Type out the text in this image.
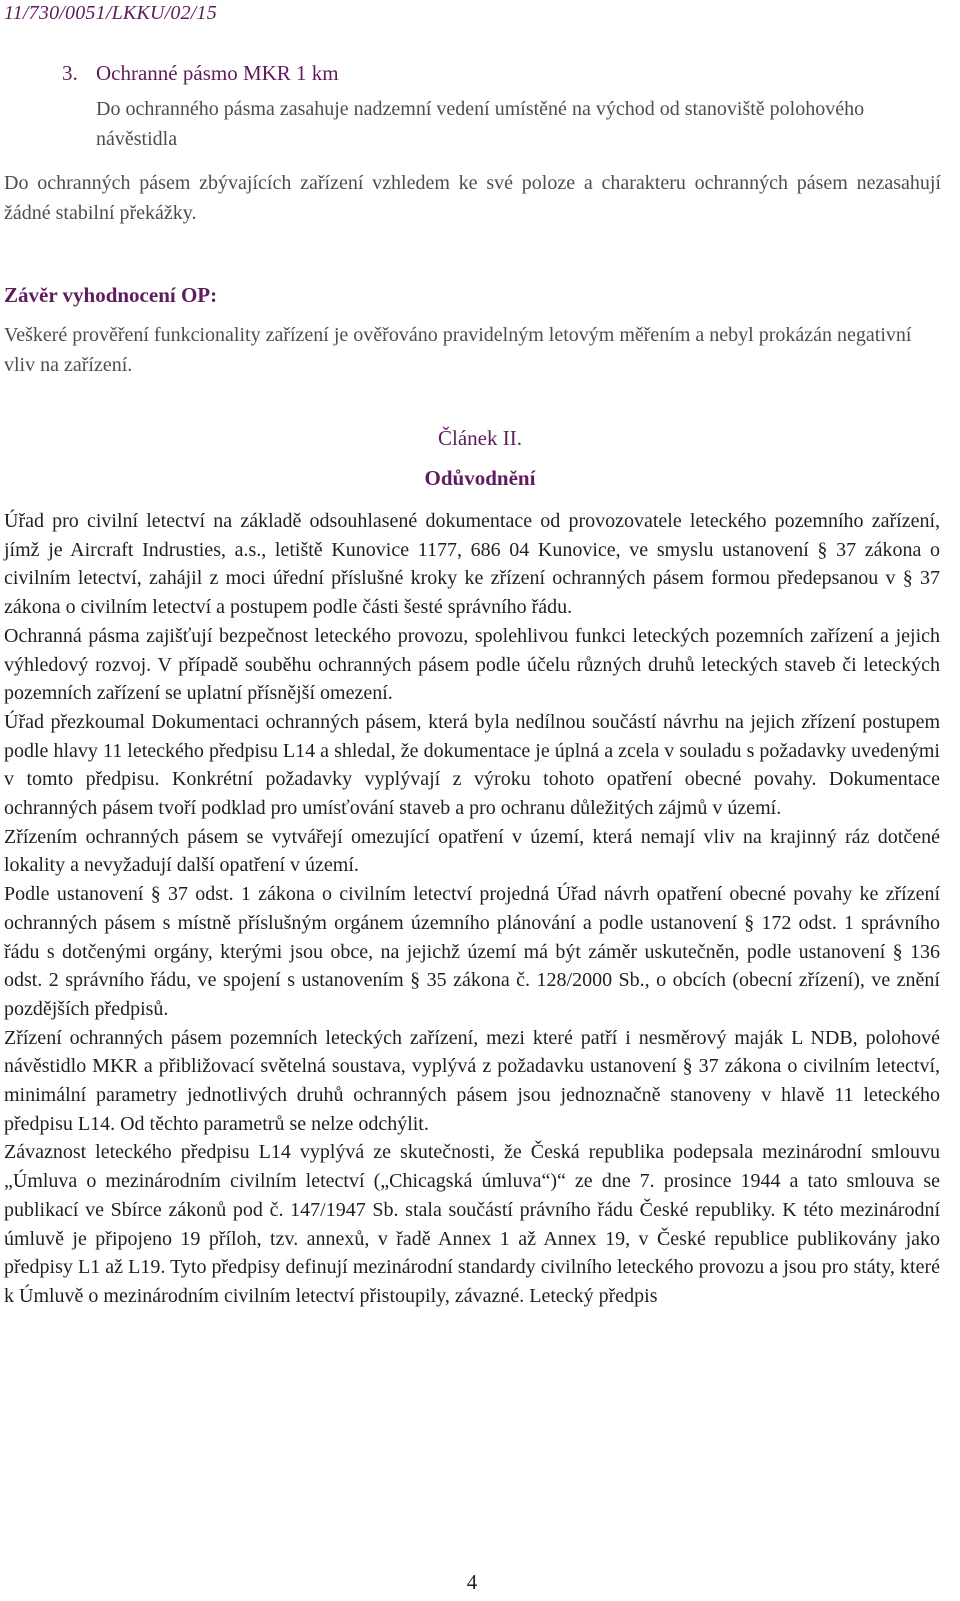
11/730/0051/LKKU/02/15
3. Ochranné pásmo MKR 1 km
Do ochranného pásma zasahuje nadzemní vedení umístěné na východ od stanoviště polohového návěstidla
Do ochranných pásem zbývajících zařízení vzhledem ke své poloze a charakteru ochranných pásem nezasahují žádné stabilní překážky.
Závěr vyhodnocení OP:
Veškeré prověření funkcionality zařízení je ověřováno pravidelným letovým měřením a nebyl prokázán negativní vliv na zařízení.
Článek II.
Odůvodnění

Úřad pro civilní letectví na základě odsouhlasené dokumentace od provozovatele leteckého pozemního zařízení, jímž je Aircraft Indrusties, a.s., letiště Kunovice 1177, 686 04 Kunovice, ve smyslu ustanovení § 37 zákona o civilním letectví, zahájil z moci úřední příslušné kroky ke zřízení ochranných pásem formou předepsanou v § 37 zákona o civilním letectví a postupem podle části šesté správního řádu.

Ochranná pásma zajišťují bezpečnost leteckého provozu, spolehlivou funkci leteckých pozemních zařízení a jejich výhledový rozvoj. V případě souběhu ochranných pásem podle účelu různých druhů leteckých staveb či leteckých pozemních zařízení se uplatní přísnější omezení.

Úřad přezkoumal Dokumentaci ochranných pásem, která byla nedílnou součástí návrhu na jejich zřízení postupem podle hlavy 11 leteckého předpisu L14 a shledal, že dokumentace je úplná a zcela v souladu s požadavky uvedenými v tomto předpisu. Konkrétní požadavky vyplývají z výroku tohoto opatření obecné povahy. Dokumentace ochranných pásem tvoří podklad pro umísťování staveb a pro ochranu důležitých zájmů v území.

Zřízením ochranných pásem se vytvářejí omezující opatření v území, která nemají vliv na krajinný ráz dotčené lokality a nevyžadují další opatření v území.

Podle ustanovení § 37 odst. 1 zákona o civilním letectví projedná Úřad návrh opatření obecné povahy ke zřízení ochranných pásem s místně příslušným orgánem územního plánování a podle ustanovení § 172 odst. 1 správního řádu s dotčenými orgány, kterými jsou obce, na jejichž území má být záměr uskutečněn, podle ustanovení § 136 odst. 2 správního řádu, ve spojení s ustanovením § 35 zákona č. 128/2000 Sb., o obcích (obecní zřízení), ve znění pozdějších předpisů.

Zřízení ochranných pásem pozemních leteckých zařízení, mezi které patří i nesměrový maják L NDB, polohové návěstidlo MKR a přibližovací světelná soustava, vyplývá z požadavku ustanovení § 37 zákona o civilním letectví, minimální parametry jednotlivých druhů ochranných pásem jsou jednoznačně stanoveny v hlavě 11 leteckého předpisu L14. Od těchto parametrů se nelze odchýlit.

Závaznost leteckého předpisu L14 vyplývá ze skutečnosti, že Česká republika podepsala mezinárodní smlouvu „Úmluva o mezinárodním civilním letectví („Chicagská úmluva“)“ ze dne 7. prosince 1944 a tato smlouva se publikací ve Sbírce zákonů pod č. 147/1947 Sb. stala součástí právního řádu České republiky. K této mezinárodní úmluvě je připojeno 19 příloh, tzv. annexů, v řadě Annex 1 až Annex 19, v České republice publikovány jako předpisy L1 až L19. Tyto předpisy definují mezinárodní standardy civilního leteckého provozu a jsou pro státy, které k Úmluvě o mezinárodním civilním letectví přistoupily, závazné. Letecký předpis

4
